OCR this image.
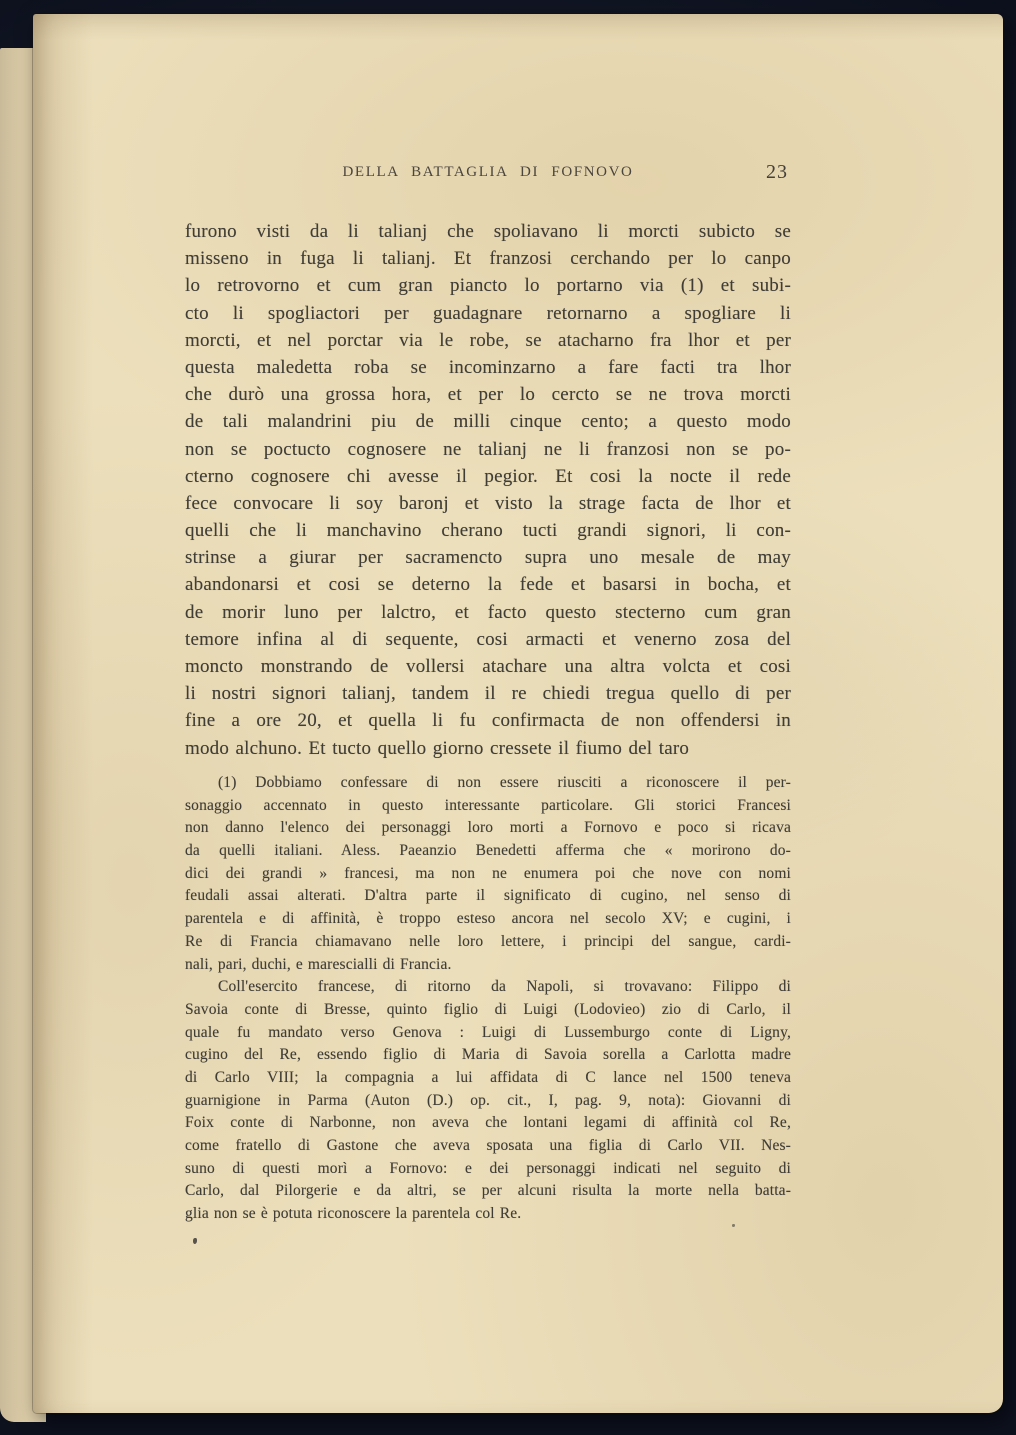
DELLA BATTAGLIA DI FOFNOVO	23
furono visti da li talianj che spoliavano li morcti subicto se
misseno in fuga li talianj. Et franzosi cerchando per lo canpo
lo retrovorno et cum gran piancto lo portarno via (1) et subi-
cto li spogliactori per guadagnare retornarno a spogliare li
morcti, et nel porctar via le robe, se atacharno fra lhor et per
questa maledetta roba se incominzarno a fare facti tra lhor
che durò una grossa hora, et per lo cercto se ne trova morcti
de tali malandrini piu de milli cinque cento; a questo modo
non se poctucto cognosere ne talianj ne li franzosi non se po-
cterno cognosere chi avesse il pegior. Et cosi la nocte il rede
fece convocare li soy baronj et visto la strage facta de lhor et
quelli che li manchavino cherano tucti grandi signori, li con-
strinse a giurar per sacramencto supra uno mesale de may
abandonarsi et cosi se deterno la fede et basarsi in bocha, et
de morir luno per lalctro, et facto questo stecterno cum gran
temore infina al di sequente, cosi armacti et venerno zosa del
moncto monstrando de vollersi atachare una altra volcta et cosi
li nostri signori talianj, tandem il re chiedi tregua quello di per
fine a ore 20, et quella li fu confirmacta de non offendersi in
modo alchuno. Et tucto quello giorno cressete il fiumo del taro
(1) Dobbiamo confessare di non essere riusciti a riconoscere il per-
sonaggio accennato in questo interessante particolare. Gli storici Francesi
non danno l'elenco dei personaggi loro morti a Fornovo e poco si ricava
da quelli italiani. Aless. Paeanzio Benedetti afferma che « morirono do-
dici dei grandi » francesi, ma non ne enumera poi che nove con nomi
feudali assai alterati. D'altra parte il significato di cugino, nel senso di
parentela e di affinità, è troppo esteso ancora nel secolo XV; e cugini, i
Re di Francia chiamavano nelle loro lettere, i principi del sangue, cardi-
nali, pari, duchi, e marescialli di Francia.
Coll'esercito francese, di ritorno da Napoli, si trovavano: Filippo di
Savoia conte di Bresse, quinto figlio di Luigi (Lodovieo) zio di Carlo, il
quale fu mandato verso Genova : Luigi di Lussemburgo conte di Ligny,
cugino del Re, essendo figlio di Maria di Savoia sorella a Carlotta madre
di Carlo VIII; la compagnia a lui affidata di C lance nel 1500 teneva
guarnigione in Parma (Auton (D.) op. cit., I, pag. 9, nota): Giovanni di
Foix conte di Narbonne, non aveva che lontani legami di affinità col Re,
come fratello di Gastone che aveva sposata una figlia di Carlo VII. Nes-
suno di questi morì a Fornovo: e dei personaggi indicati nel seguito di
Carlo, dal Pilorgerie e da altri, se per alcuni risulta la morte nella batta-
glia non se è potuta riconoscere la parentela col Re.
